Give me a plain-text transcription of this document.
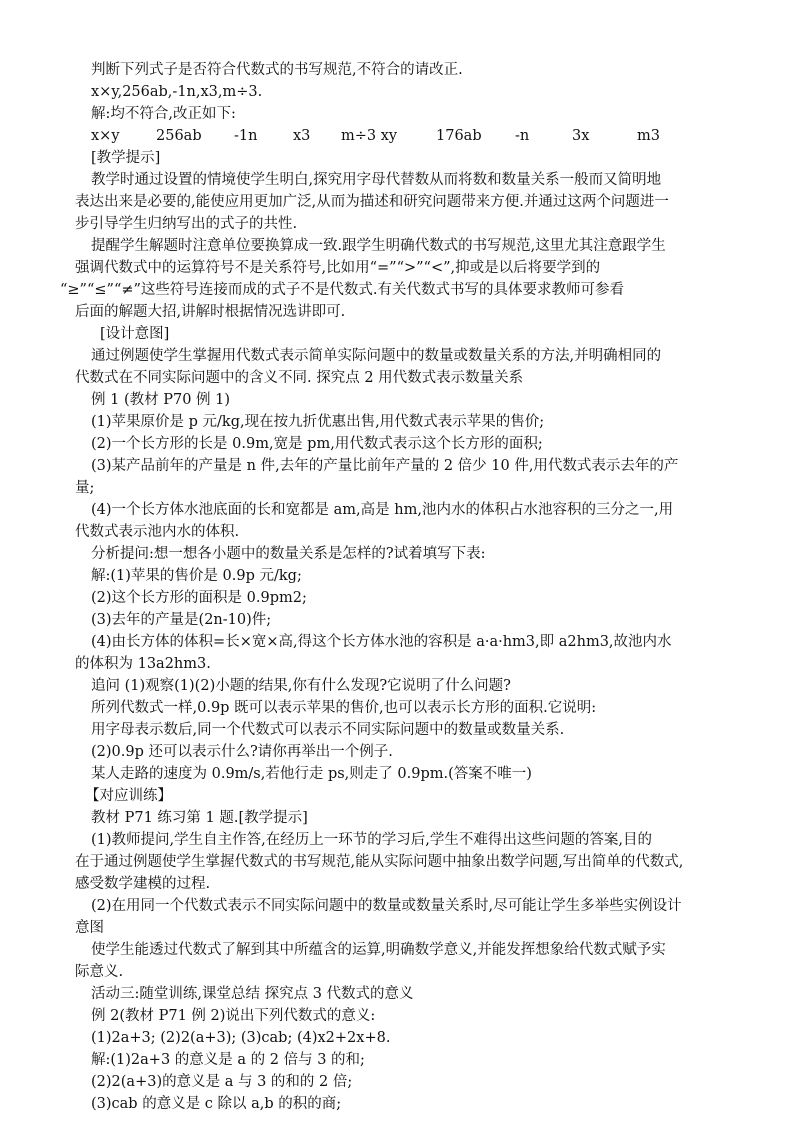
判断下列式子是否符合代数式的书写规范,不符合的请改正.
x×y,256ab,-1n,x3,m÷3.
解:均不符合,改正如下:
x×y	256ab -1n x3 m÷3 xy	176ab -n	3x	m3
[教学提示]
教学时通过设置的情境使学生明白,探究用字母代替数从而将数和数量关系一般而又简明地
表达出来是必要的,能使应用更加广泛,从而为描述和研究问题带来方便.并通过这两个问题进一
步引导学生归纳写出的式子的共性.
提醒学生解题时注意单位要换算成一致.跟学生明确代数式的书写规范,这里尤其注意跟学生
强调代数式中的运算符号不是关系符号,比如用“=”“>”“<”,抑或是以后将要学到的
“≥”“≤”“≠”这些符号连接而成的式子不是代数式.有关代数式书写的具体要求教师可参看
后面的解题大招,讲解时根据情况选讲即可.
[设计意图]
通过例题使学生掌握用代数式表示简单实际问题中的数量或数量关系的方法,并明确相同的
代数式在不同实际问题中的含义不同. 探究点 2 用代数式表示数量关系
例 1 (教材 P70 例 1)
(1)苹果原价是 p 元/kg,现在按九折优惠出售,用代数式表示苹果的售价;
(2)一个长方形的长是 0.9m,宽是 pm,用代数式表示这个长方形的面积;
(3)某产品前年的产量是 n 件,去年的产量比前年产量的 2 倍少 10 件,用代数式表示去年的产
量;
(4)一个长方体水池底面的长和宽都是 am,高是 hm,池内水的体积占水池容积的三分之一,用
代数式表示池内水的体积.
分析提问:想一想各小题中的数量关系是怎样的?试着填写下表:
解:(1)苹果的售价是 0.9p 元/kg;
(2)这个长方形的面积是 0.9pm2;
(3)去年的产量是(2n-10)件;
(4)由长方体的体积=长×宽×高,得这个长方体水池的容积是 a·a·hm3,即 a2hm3,故池内水
的体积为 13a2hm3.
追问 (1)观察(1)(2)小题的结果,你有什么发现?它说明了什么问题?
所列代数式一样,0.9p 既可以表示苹果的售价,也可以表示长方形的面积.它说明:
用字母表示数后,同一个代数式可以表示不同实际问题中的数量或数量关系.
(2)0.9p 还可以表示什么?请你再举出一个例子.
某人走路的速度为 0.9m/s,若他行走 ps,则走了 0.9pm.(答案不唯一)
【对应训练】
教材 P71 练习第 1 题.[教学提示]
(1)教师提问,学生自主作答,在经历上一环节的学习后,学生不难得出这些问题的答案,目的
在于通过例题使学生掌握代数式的书写规范,能从实际问题中抽象出数学问题,写出简单的代数式,
感受数学建模的过程.
(2)在用同一个代数式表示不同实际问题中的数量或数量关系时,尽可能让学生多举些实例设计
意图
使学生能透过代数式了解到其中所蕴含的运算,明确数学意义,并能发挥想象给代数式赋予实
际意义.
活动三:随堂训练,课堂总结 探究点 3 代数式的意义
例 2(教材 P71 例 2)说出下列代数式的意义:
(1)2a+3; (2)2(a+3); (3)cab; (4)x2+2x+8.
解:(1)2a+3 的意义是 a 的 2 倍与 3 的和;
(2)2(a+3)的意义是 a 与 3 的和的 2 倍;
(3)cab 的意义是 c 除以 a,b 的积的商;
